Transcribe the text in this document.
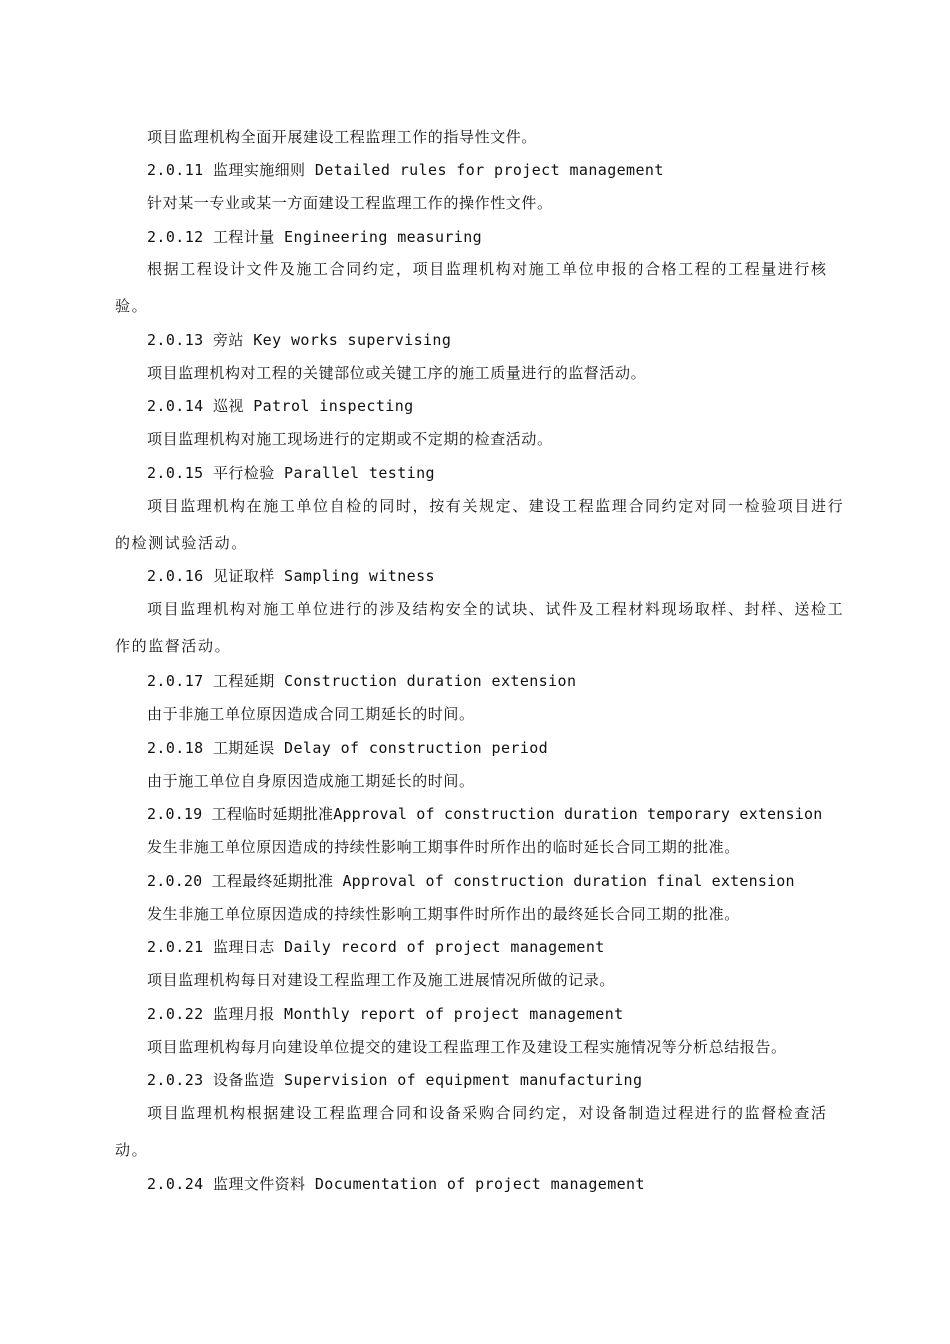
项目监理机构全面开展建设工程监理工作的指导性文件。
2.0.11 监理实施细则 Detailed rules for project management
针对某一专业或某一方面建设工程监理工作的操作性文件。
2.0.12 工程计量 Engineering measuring
根据工程设计文件及施工合同约定，项目监理机构对施工单位申报的合格工程的工程量进行核验。
2.0.13 旁站 Key works supervising
项目监理机构对工程的关键部位或关键工序的施工质量进行的监督活动。
2.0.14 巡视 Patrol inspecting
项目监理机构对施工现场进行的定期或不定期的检查活动。
2.0.15 平行检验 Parallel testing
项目监理机构在施工单位自检的同时，按有关规定、建设工程监理合同约定对同一检验项目进行的检测试验活动。
2.0.16 见证取样 Sampling witness
项目监理机构对施工单位进行的涉及结构安全的试块、试件及工程材料现场取样、封样、送检工作的监督活动。
2.0.17 工程延期 Construction duration extension
由于非施工单位原因造成合同工期延长的时间。
2.0.18 工期延误 Delay of construction period
由于施工单位自身原因造成施工期延长的时间。
2.0.19 工程临时延期批准Approval of construction duration temporary extension
发生非施工单位原因造成的持续性影响工期事件时所作出的临时延长合同工期的批准。
2.0.20 工程最终延期批准 Approval of construction duration final extension
发生非施工单位原因造成的持续性影响工期事件时所作出的最终延长合同工期的批准。
2.0.21 监理日志 Daily record of project management
项目监理机构每日对建设工程监理工作及施工进展情况所做的记录。
2.0.22 监理月报 Monthly report of project management
项目监理机构每月向建设单位提交的建设工程监理工作及建设工程实施情况等分析总结报告。
2.0.23 设备监造 Supervision of equipment manufacturing
项目监理机构根据建设工程监理合同和设备采购合同约定，对设备制造过程进行的监督检查活动。
2.0.24 监理文件资料 Documentation of project management
